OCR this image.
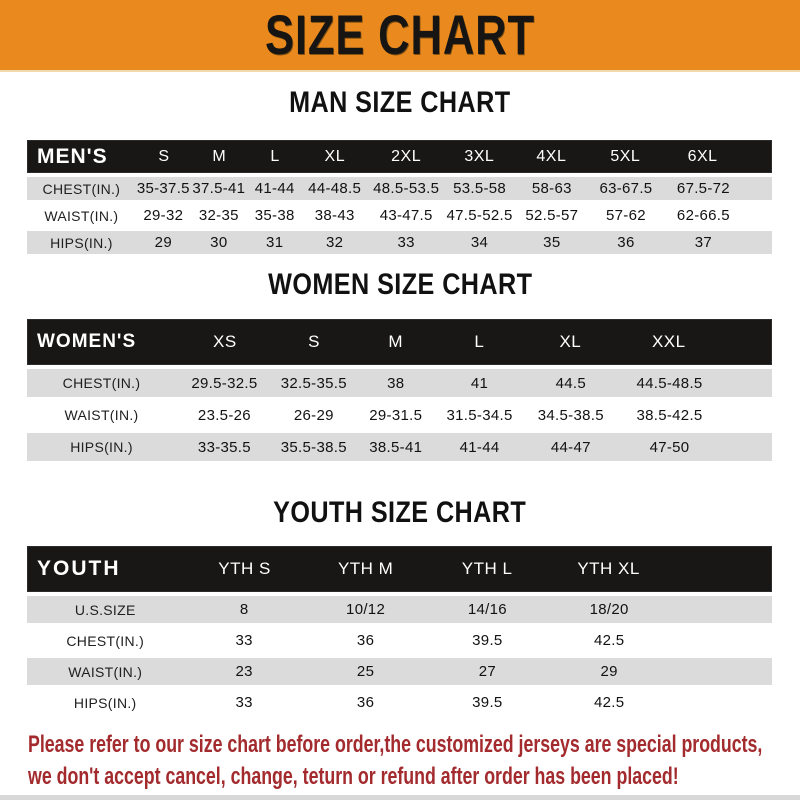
SIZE CHART
MAN SIZE CHART
MEN'S	S	M	L	XL	2XL	3XL	4XL	5XL	6XL
CHEST(IN.)	35-37.5 37.5-41 41-44 44-48.5 48.5-53.5 53.5-58	58-63	63-67.5	67.5-72
WAIST(IN.)	29-32	32-35	35-38	38-43	43-47.5 47.5-52.5 52.5-57	57-62	62-66.5
HIPS(IN.)	29	30	31	32	33	34	35	36	37
WOMEN SIZE CHART
WOMEN'S	XS	S	M	L	XL	XXL
CHEST(IN.)	29.5-32.5	32.5-35.5	38	41	44.5	44.5-48.5
WAIST(IN.)	23.5-26	26-29	29-31.5	31.5-34.5	34.5-38.5	38.5-42.5
HIPS(IN.)	33-35.5	35.5-38.5	38.5-41	41-44	44-47	47-50
YOUTH SIZE CHART
YOUTH	YTH S	YTH M	YTH L	YTH XL
U.S.SIZE	8	10/12	14/16	18/20
CHEST(IN.)	33	36	39.5	42.5
WAIST(IN.)	23	25	27	29
HIPS(IN.)	33	36	39.5	42.5
Please refer to our size chart before order,the customized jerseys are special products,
we don't accept cancel, change, teturn or refund after order has been placed!
